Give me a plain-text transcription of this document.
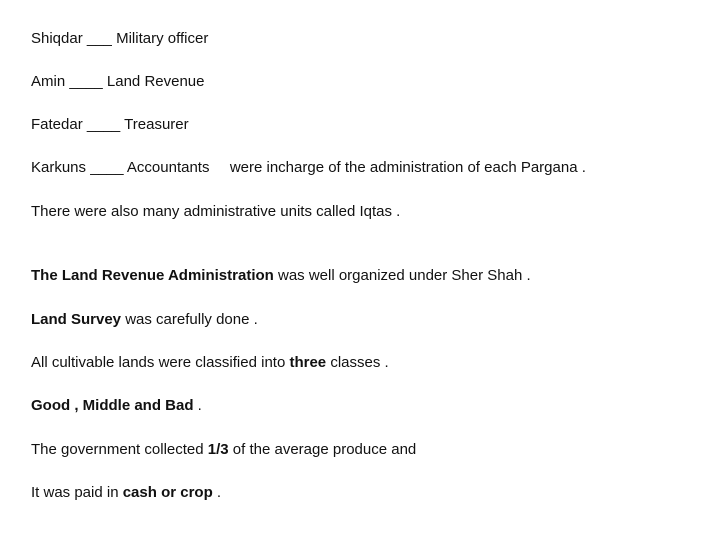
Shiqdar ___ Military officer
Amin ____ Land Revenue
Fatedar ____ Treasurer
Karkuns ____ Accountants were incharge of the administration of each Pargana .
There were also many administrative units called Iqtas .
The Land Revenue Administration was well organized under Sher Shah .
Land Survey was carefully done .
All cultivable lands were classified into three classes .
Good , Middle and Bad .
The government collected 1/3 of the average produce and
It was paid in cash or crop .
